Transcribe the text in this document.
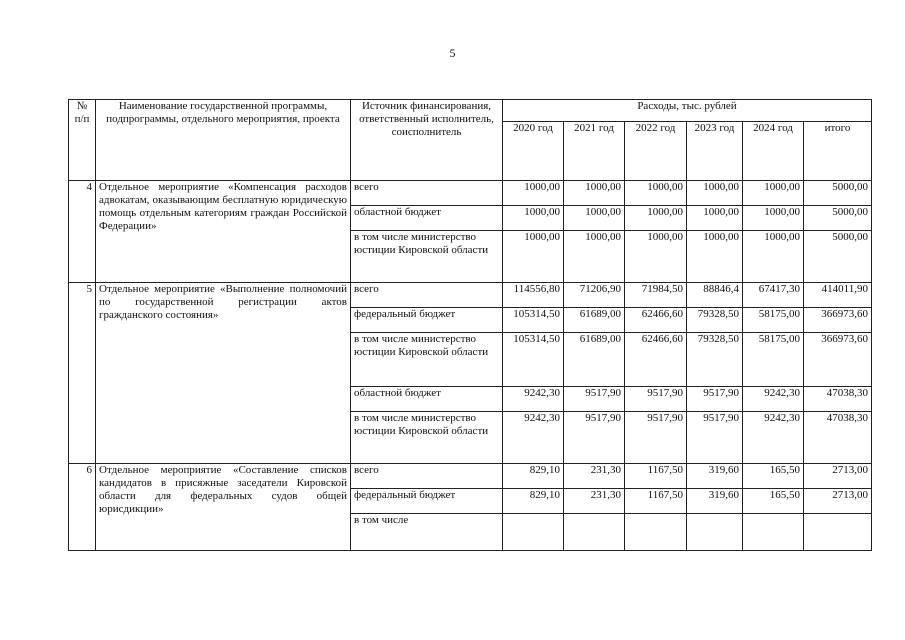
5
№ п/п	Наименование государственной программы, подпрограммы, отдельного мероприятия, проекта	Источник финансирования, ответственный исполнитель, соисполнитель	Расходы, тыс. рублей					
			2020 год	2021 год	2022 год	2023 год	2024 год	итого
4	Отдельное мероприятие «Компенсация расходов адвокатам, оказывающим бесплатную юридическую помощь отдельным категориям граждан Российской Федерации»	всего	1000,00	1000,00	1000,00	1000,00	1000,00	5000,00
		областной бюджет	1000,00	1000,00	1000,00	1000,00	1000,00	5000,00
		в том числе министерство юстиции Кировской области	1000,00	1000,00	1000,00	1000,00	1000,00	5000,00
5	Отдельное мероприятие «Выполнение полномочий по государственной регистрации актов гражданского состояния»	всего	114556,80	71206,90	71984,50	88846,4	67417,30	414011,90
		федеральный бюджет	105314,50	61689,00	62466,60	79328,50	58175,00	366973,60
		в том числе министерство юстиции Кировской области	105314,50	61689,00	62466,60	79328,50	58175,00	366973,60
		областной бюджет	9242,30	9517,90	9517,90	9517,90	9242,30	47038,30
		в том числе министерство юстиции Кировской области	9242,30	9517,90	9517,90	9517,90	9242,30	47038,30
6	Отдельное мероприятие «Составление списков кандидатов в присяжные заседатели Кировской области для федеральных судов общей юрисдикции»	всего	829,10	231,30	1167,50	319,60	165,50	2713,00
		федеральный бюджет	829,10	231,30	1167,50	319,60	165,50	2713,00
		в том числе						
